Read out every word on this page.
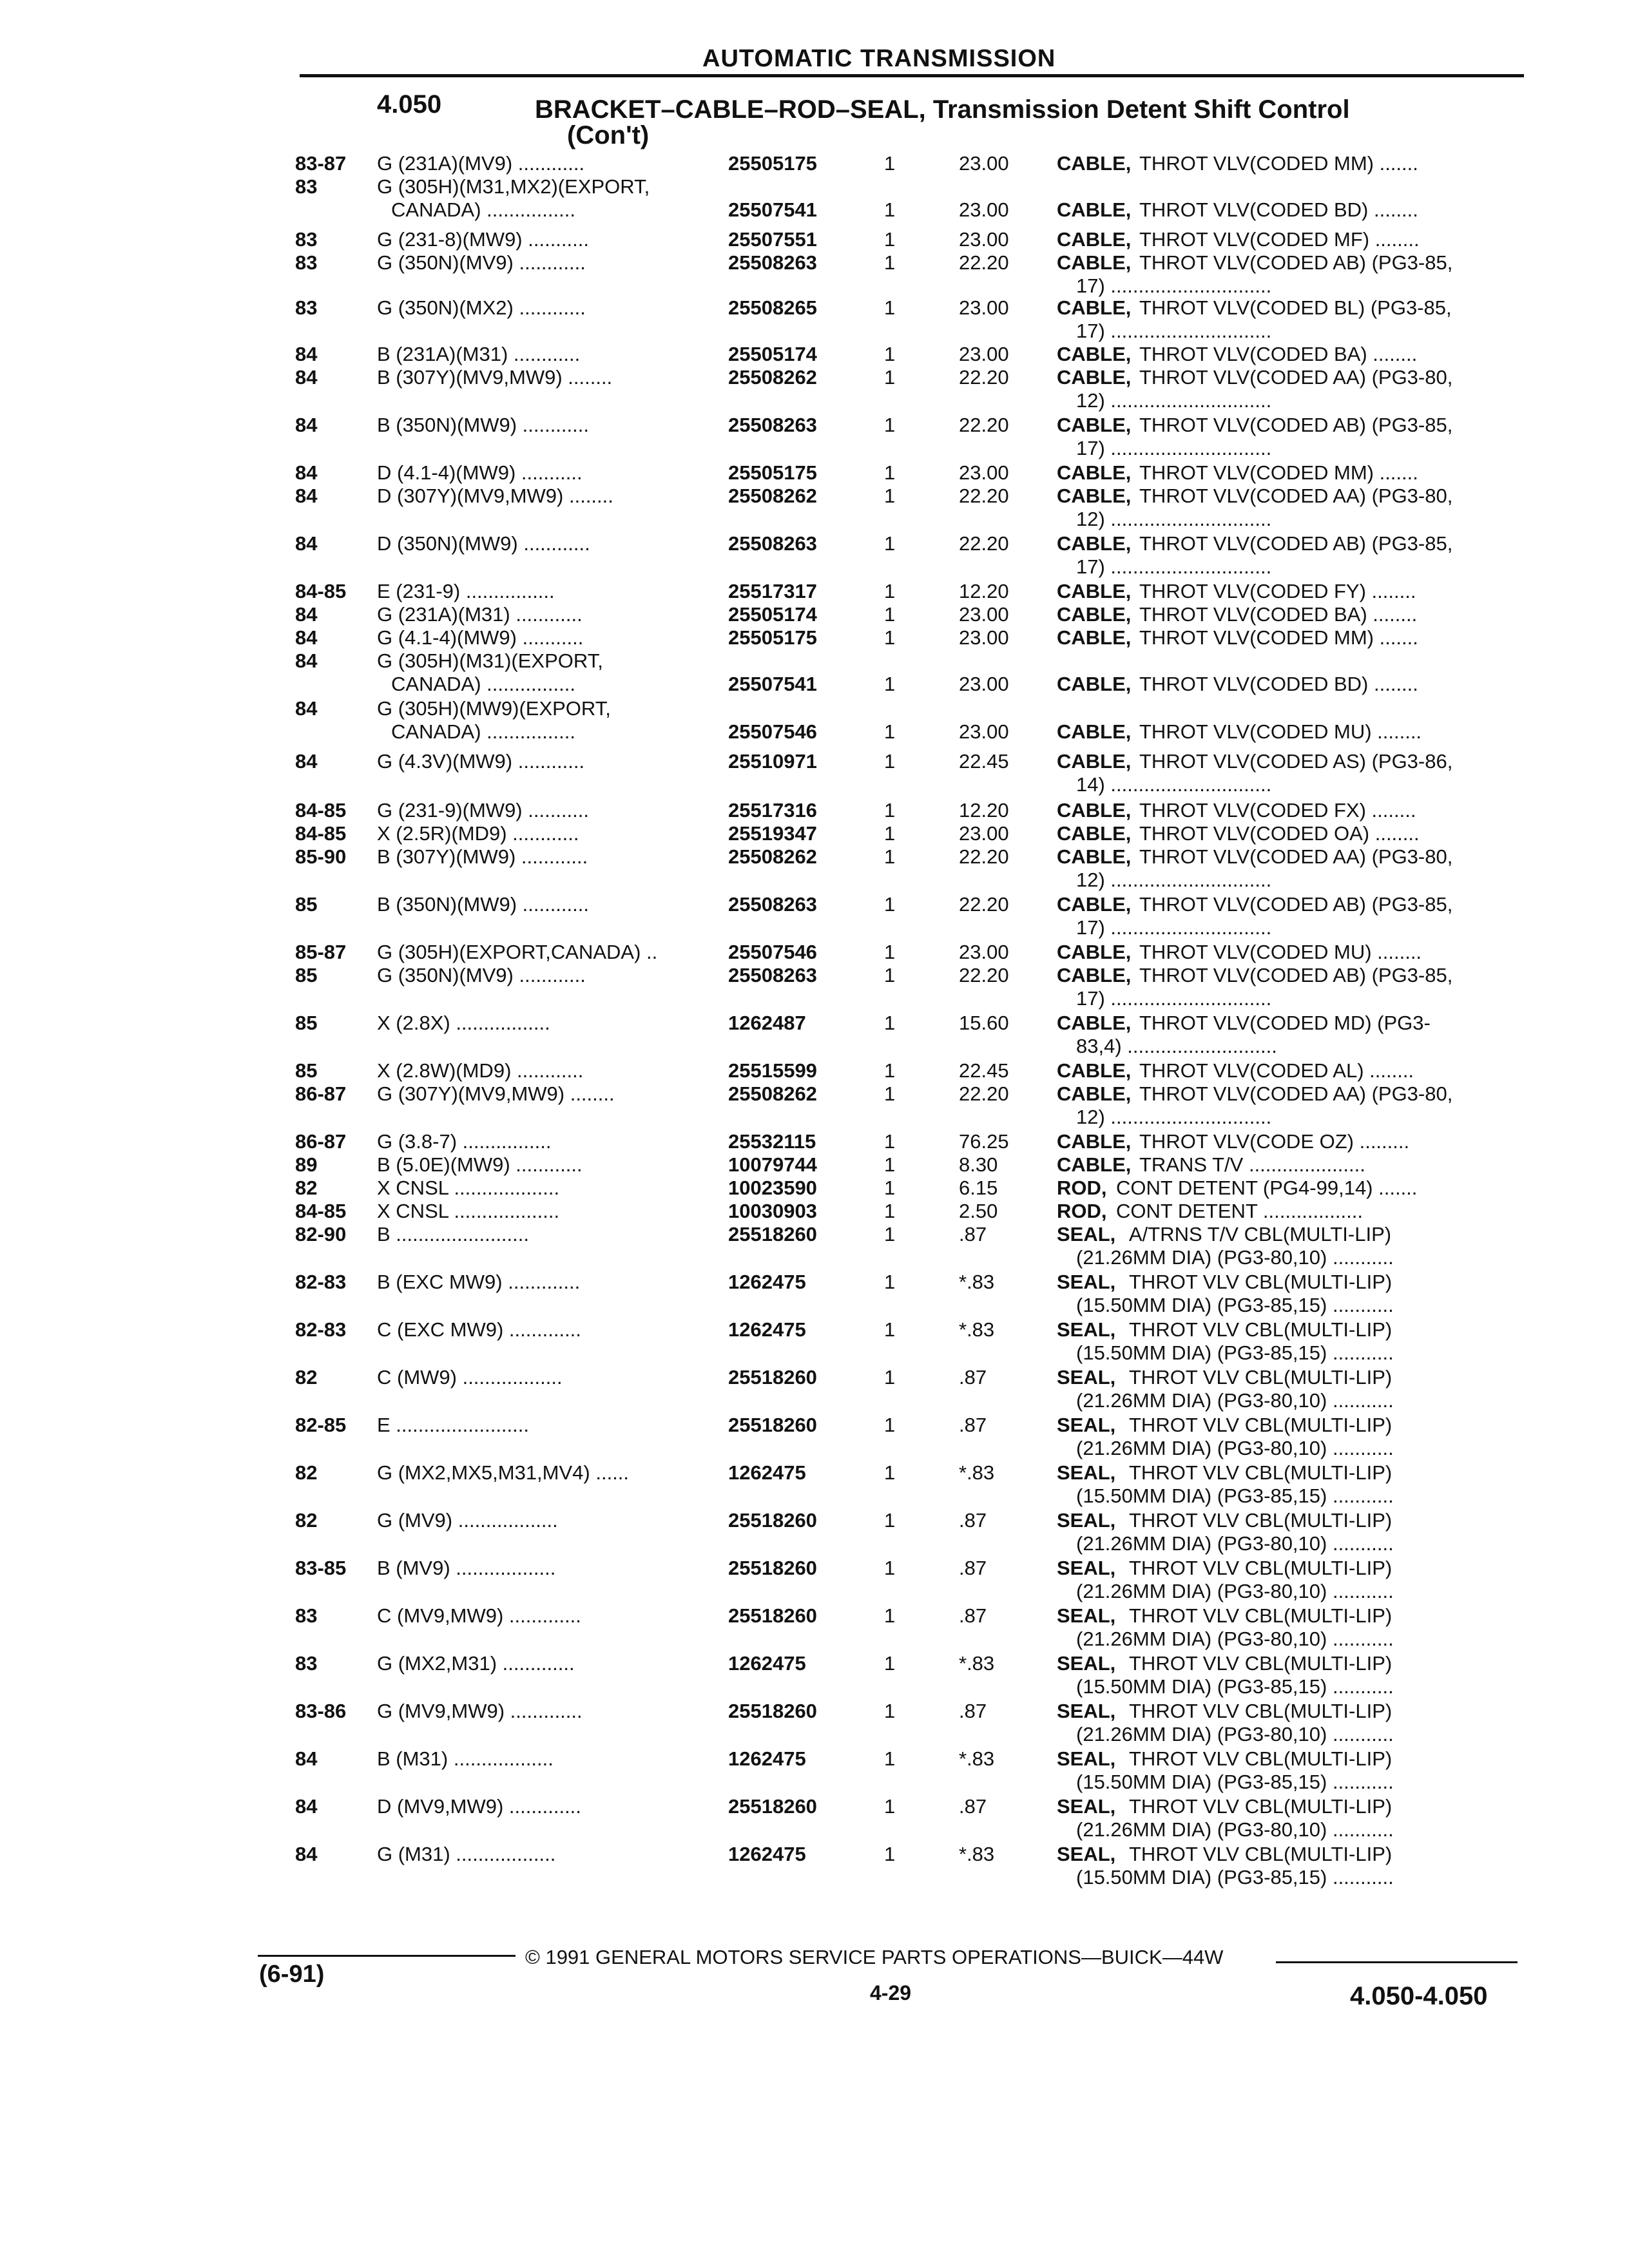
AUTOMATIC TRANSMISSION
4.050	BRACKET–CABLE–ROD–SEAL, Transmission Detent Shift Control
(Con't)
83-87 G (231A)(MV9) ............	25505175	1	23.00 CABLE, THROT VLV(CODED MM) .......
83	G (305H)(M31,MX2)(EXPORT,
CANADA) ................	25507541	1	23.00 CABLE, THROT VLV(CODED BD) ........
83	G (231-8)(MW9) ...........	25507551	1	23.00 CABLE, THROT VLV(CODED MF) ........
83	G (350N)(MV9) ............	25508263	1	22.20 CABLE, THROT VLV(CODED AB) (PG3-85,
17) .............................
83	G (350N)(MX2) ............	25508265	1	23.00 CABLE, THROT VLV(CODED BL) (PG3-85,
17) .............................
84	B (231A)(M31) ............	25505174	1	23.00 CABLE, THROT VLV(CODED BA) ........
84	B (307Y)(MV9,MW9) ........	25508262	1	22.20 CABLE, THROT VLV(CODED AA) (PG3-80,
12) .............................
84	B (350N)(MW9) ............	25508263	1	22.20 CABLE, THROT VLV(CODED AB) (PG3-85,
17) .............................
84	D (4.1-4)(MW9) ...........	25505175	1	23.00 CABLE, THROT VLV(CODED MM) .......
84	D (307Y)(MV9,MW9) ........	25508262	1	22.20 CABLE, THROT VLV(CODED AA) (PG3-80,
12) .............................
84	D (350N)(MW9) ............	25508263	1	22.20 CABLE, THROT VLV(CODED AB) (PG3-85,
17) .............................
84-85 E (231-9) ................	25517317	1	12.20 CABLE, THROT VLV(CODED FY) ........
84	G (231A)(M31) ............	25505174	1	23.00 CABLE, THROT VLV(CODED BA) ........
84	G (4.1-4)(MW9) ...........	25505175	1	23.00 CABLE, THROT VLV(CODED MM) .......
84	G (305H)(M31)(EXPORT,
CANADA) ................	25507541	1	23.00 CABLE, THROT VLV(CODED BD) ........
84	G (305H)(MW9)(EXPORT,
CANADA) ................	25507546	1	23.00 CABLE, THROT VLV(CODED MU) ........
84	G (4.3V)(MW9) ............	25510971	1	22.45 CABLE, THROT VLV(CODED AS) (PG3-86,
14) .............................
84-85 G (231-9)(MW9) ...........	25517316	1	12.20 CABLE, THROT VLV(CODED FX) ........
84-85 X (2.5R)(MD9) ............	25519347	1	23.00 CABLE, THROT VLV(CODED OA) ........
85-90 B (307Y)(MW9) ............	25508262	1	22.20 CABLE, THROT VLV(CODED AA) (PG3-80,
12) .............................
85	B (350N)(MW9) ............	25508263	1	22.20 CABLE, THROT VLV(CODED AB) (PG3-85,
17) .............................
85-87 G (305H)(EXPORT,CANADA) ..	25507546	1	23.00 CABLE, THROT VLV(CODED MU) ........
85	G (350N)(MV9) ............	25508263	1	22.20 CABLE, THROT VLV(CODED AB) (PG3-85,
17) .............................
85	X (2.8X) .................	1262487	1	15.60 CABLE, THROT VLV(CODED MD) (PG3-
83,4) ...........................
85	X (2.8W)(MD9) ............	25515599	1	22.45 CABLE, THROT VLV(CODED AL) ........
86-87 G (307Y)(MV9,MW9) ........	25508262	1	22.20 CABLE, THROT VLV(CODED AA) (PG3-80,
12) .............................
86-87 G (3.8-7) ................	25532115	1	76.25 CABLE, THROT VLV(CODE OZ) .........
89	B (5.0E)(MW9) ............	10079744	1	8.30	CABLE, TRANS T/V .....................
82	X CNSL ...................	10023590	1	6.15	ROD, CONT DETENT (PG4-99,14) .......
84-85 X CNSL ...................	10030903	1	2.50	ROD, CONT DETENT ..................
82-90 B ........................	25518260	1	.87	SEAL, A/TRNS T/V CBL(MULTI-LIP)
(21.26MM DIA) (PG3-80,10) ...........
82-83 B (EXC MW9) .............	1262475	1	*.83	SEAL, THROT VLV CBL(MULTI-LIP)
(15.50MM DIA) (PG3-85,15) ...........
82-83 C (EXC MW9) .............	1262475	1	*.83	SEAL, THROT VLV CBL(MULTI-LIP)
(15.50MM DIA) (PG3-85,15) ...........
82	C (MW9) ..................	25518260	1	.87	SEAL, THROT VLV CBL(MULTI-LIP)
(21.26MM DIA) (PG3-80,10) ...........
82-85 E ........................	25518260	1	.87	SEAL, THROT VLV CBL(MULTI-LIP)
(21.26MM DIA) (PG3-80,10) ...........
82	G (MX2,MX5,M31,MV4) ......	1262475	1	*.83	SEAL, THROT VLV CBL(MULTI-LIP)
(15.50MM DIA) (PG3-85,15) ...........
82	G (MV9) ..................	25518260	1	.87	SEAL, THROT VLV CBL(MULTI-LIP)
(21.26MM DIA) (PG3-80,10) ...........
83-85 B (MV9) ..................	25518260	1	.87	SEAL, THROT VLV CBL(MULTI-LIP)
(21.26MM DIA) (PG3-80,10) ...........
83	C (MV9,MW9) .............	25518260	1	.87	SEAL, THROT VLV CBL(MULTI-LIP)
(21.26MM DIA) (PG3-80,10) ...........
83	G (MX2,M31) .............	1262475	1	*.83	SEAL, THROT VLV CBL(MULTI-LIP)
(15.50MM DIA) (PG3-85,15) ...........
83-86 G (MV9,MW9) .............	25518260	1	.87	SEAL, THROT VLV CBL(MULTI-LIP)
(21.26MM DIA) (PG3-80,10) ...........
84	B (M31) ..................	1262475	1	*.83	SEAL, THROT VLV CBL(MULTI-LIP)
(15.50MM DIA) (PG3-85,15) ...........
84	D (MV9,MW9) .............	25518260	1	.87	SEAL, THROT VLV CBL(MULTI-LIP)
(21.26MM DIA) (PG3-80,10) ...........
84	G (M31) ..................	1262475	1	*.83	SEAL, THROT VLV CBL(MULTI-LIP)
(15.50MM DIA) (PG3-85,15) ...........
© 1991 GENERAL MOTORS SERVICE PARTS OPERATIONS—BUICK—44W
(6-91)
4-29	4.050-4.050
